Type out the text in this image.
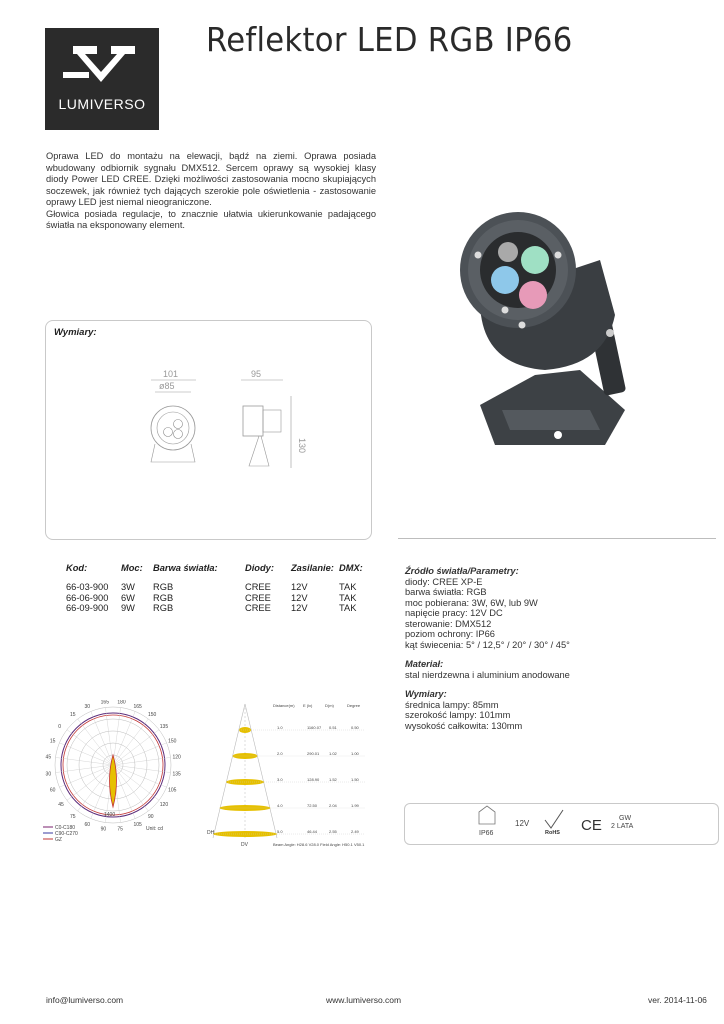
LUMIVERSO
Reflektor LED RGB IP66

Oprawa LED do montażu na elewacji, bądź na ziemi. Oprawa posiada wbudowany odbiornik sygnału DMX512. Sercem oprawy są wysokiej klasy diody Power LED CREE. Dzięki możliwości zastosowania mocno skupiających soczewek, jak również tych dających szerokie pole oświetlenia - zastosowanie oprawy LED jest niemal nieograniczone.

Głowica posiada regulacje, to znacznie ułatwia ukierunkowanie padającego światła na eksponowany element.

Wymiary:
101
ø85
95
130
Kod:	Moc:	Barwa światła:	Diody:	Zasilanie:	DMX:
66-03-900	3W	RGB	CREE	12V	TAK
66-06-900	6W	RGB	CREE	12V	TAK
66-09-900	9W	RGB	CREE	12V	TAK
Źródło światła/Parametry:
diody: CREE XP-E
barwa światła: RGB
moc pobierana: 3W, 6W, lub 9W
napięcie pracy: 12V DC
sterowanie: DMX512
poziom ochrony: IP66
kąt świecenia: 5° / 12,5° / 20° / 30° / 45°
Materiał:
stal nierdzewna i aluminium anodowane
Wymiary:
średnica lampy: 85mm
szerokość lampy: 101mm
wysokość całkowita: 130mm
165 180
165
150
135
150
120
135
105
120
90
105
75
90
60
75
45
60
30
45
15
0
15
30
1400
Unit: cd
C0-C180
C90-C270
GZ
Distance(m) E (lx)	D(m)	Degree
1.0	1160.07 0.51	0.50
2.0	290.01 1.02	1.00
3.0	128.90 1.52	1.50
4.0	72.50	2.04	1.99
5.0	46.44	2.55	2.49
DH
DV	Beam Angle: H28.6 V28.0 Field Angle: H50.1 V50.1
IP66
12V
RoHS CE GW
2 LATA
info@lumiverso.com	www.lumiverso.com	ver. 2014-11-06
